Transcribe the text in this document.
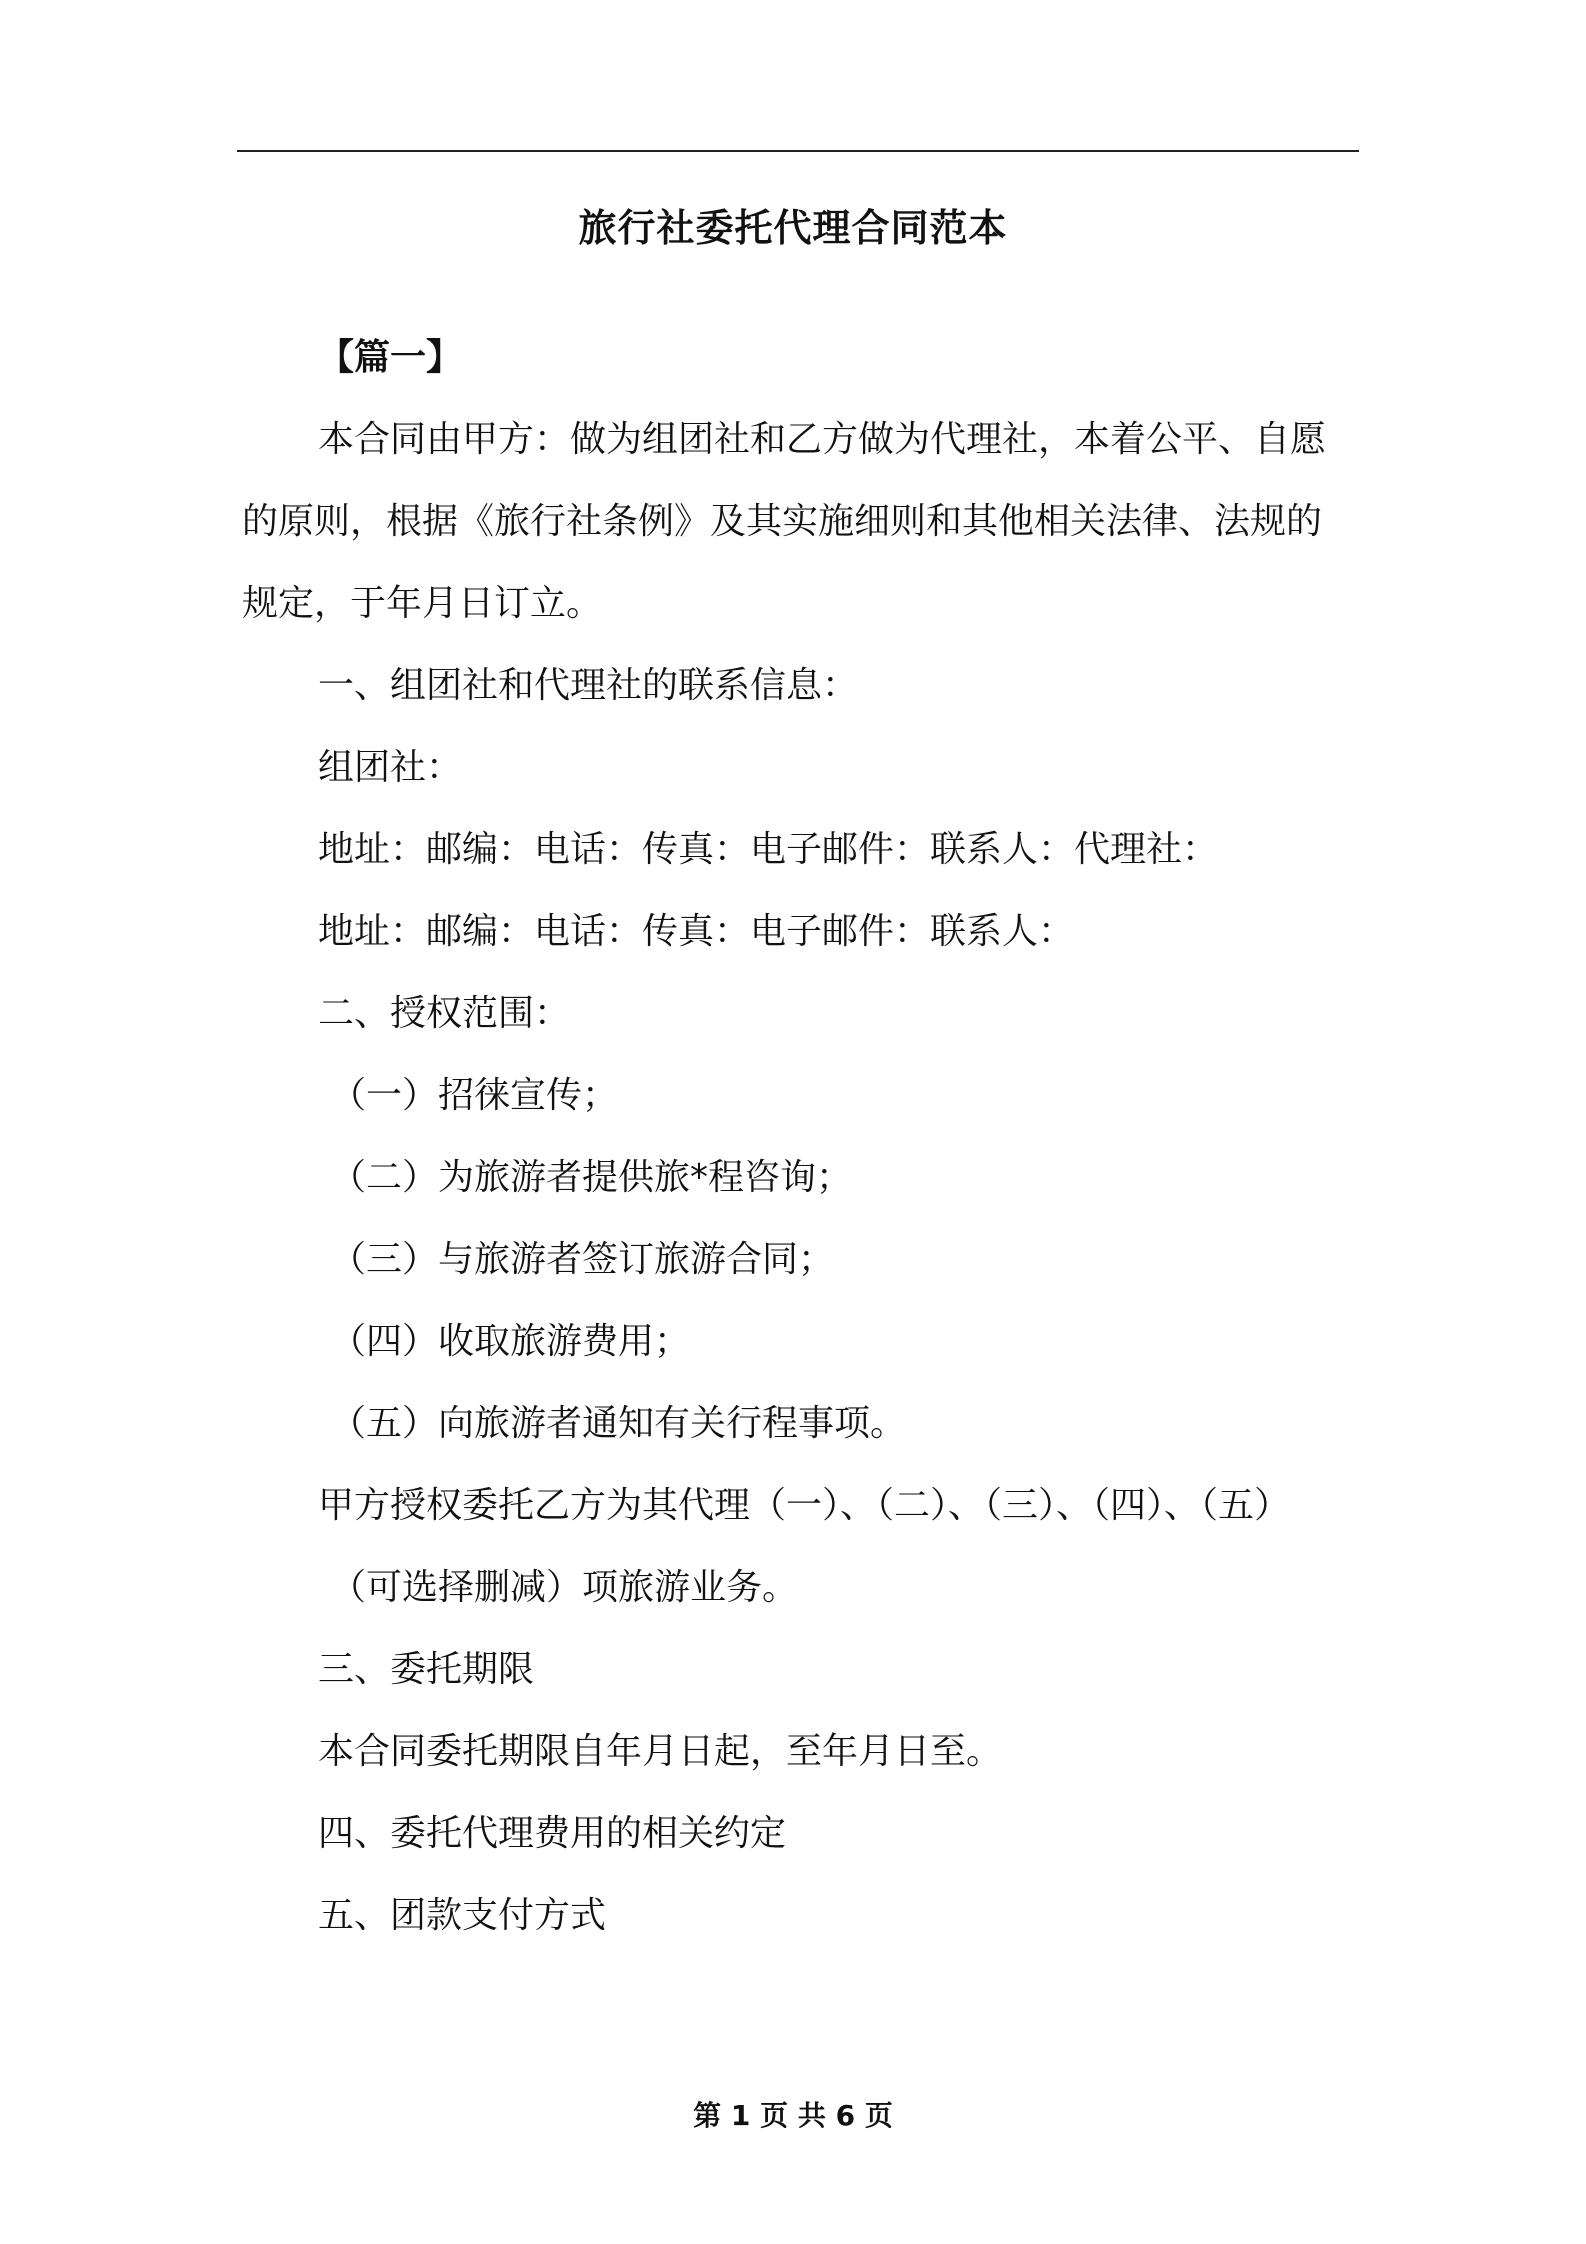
旅行社委托代理合同范本

【篇一】

本合同由甲方：做为组团社和乙方做为代理社，本着公平、自愿

的原则，根据《旅行社条例》及其实施细则和其他相关法律、法规的

规定，于年月日订立。

一、组团社和代理社的联系信息：

组团社：

地址：邮编：电话：传真：电子邮件：联系人：代理社：

地址：邮编：电话：传真：电子邮件：联系人：

二、授权范围：

（一）招徕宣传；

（二）为旅游者提供旅*程咨询；

（三）与旅游者签订旅游合同；

（四）收取旅游费用；

（五）向旅游者通知有关行程事项。

甲方授权委托乙方为其代理（一）、（二）、（三）、（四）、（五）

（可选择删减）项旅游业务。

三、委托期限

本合同委托期限自年月日起，至年月日至。

四、委托代理费用的相关约定

五、团款支付方式

第 1 页 共 6 页
